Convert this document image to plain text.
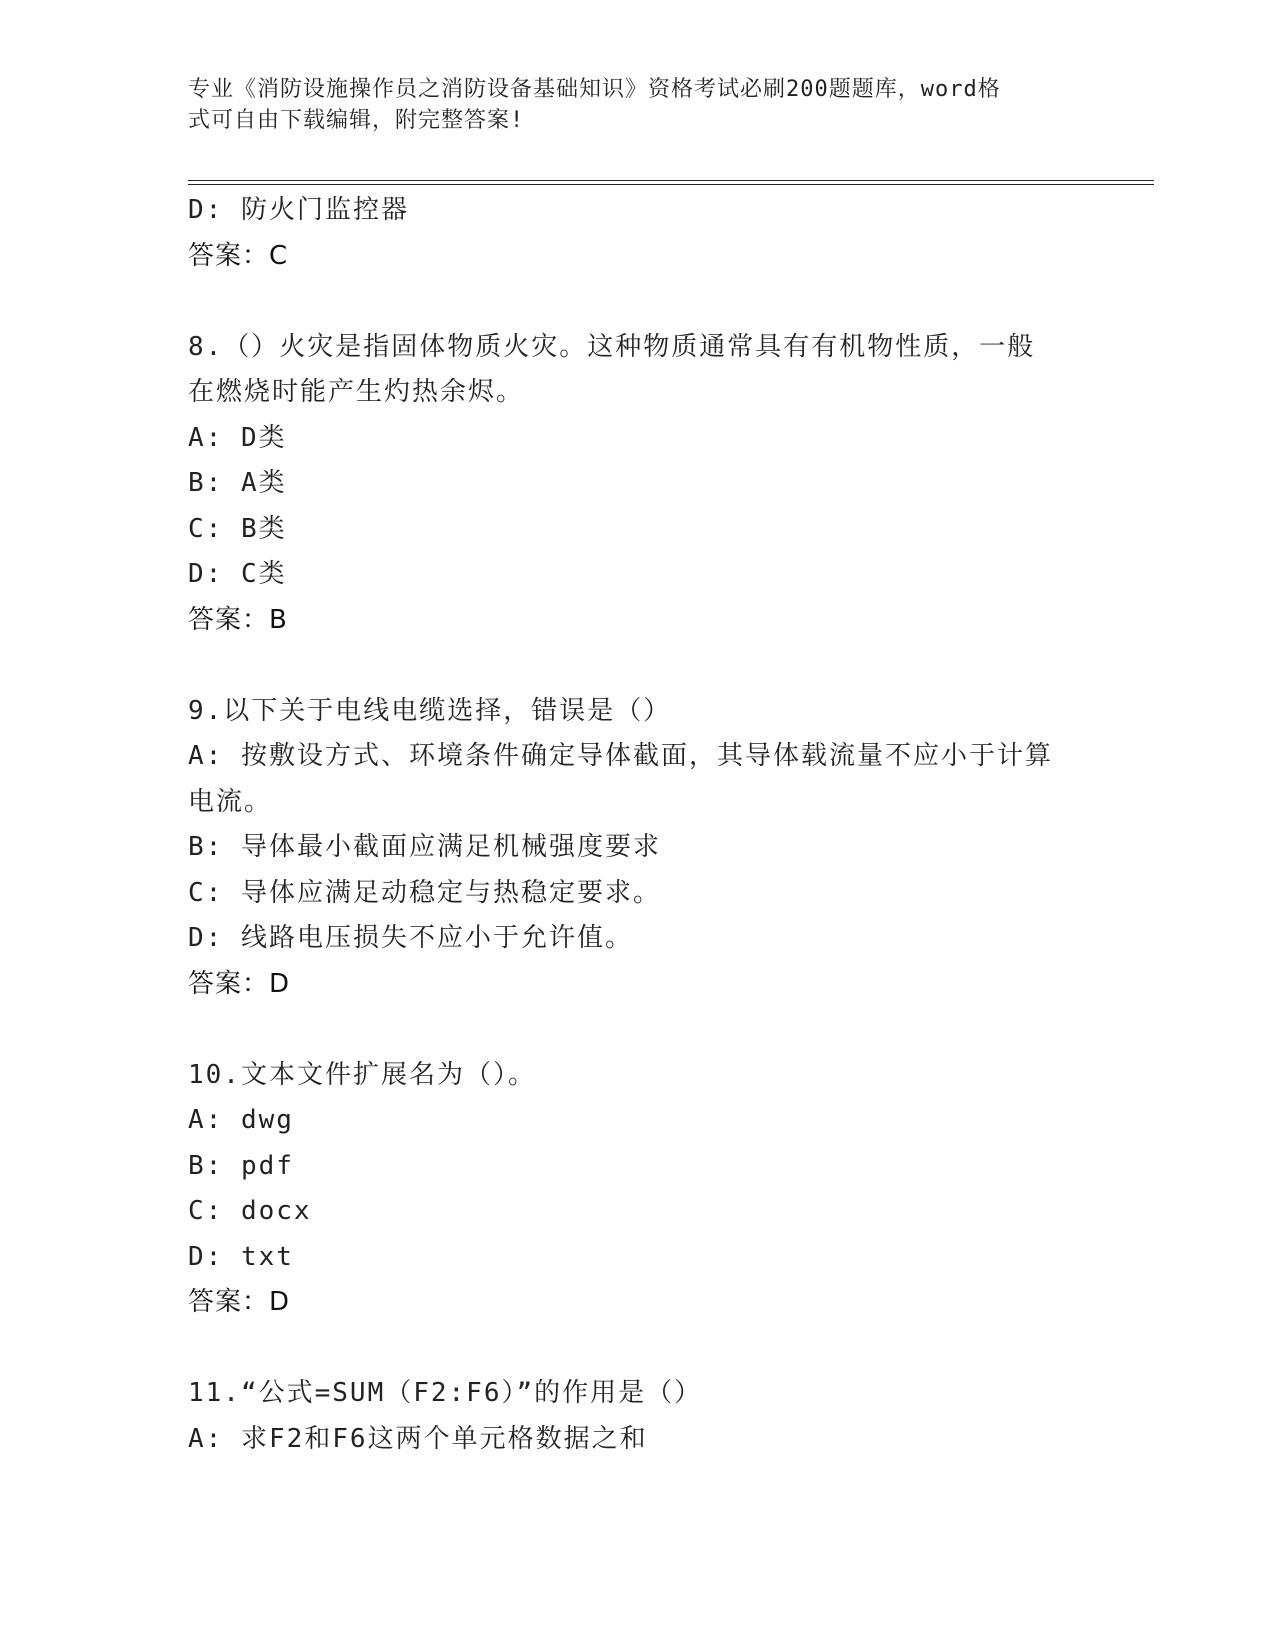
专业《消防设施操作员之消防设备基础知识》资格考试必刷200题题库，word格
式可自由下载编辑，附完整答案!
D: 防火门监控器
答案：C
8.（）火灾是指固体物质火灾。这种物质通常具有有机物性质，一般
在燃烧时能产生灼热余烬。
A: D类
B: A类
C: B类
D: C类
答案：B
9.以下关于电线电缆选择，错误是（）
A: 按敷设方式、环境条件确定导体截面，其导体载流量不应小于计算
电流。
B: 导体最小截面应满足机械强度要求
C: 导体应满足动稳定与热稳定要求。
D: 线路电压损失不应小于允许值。
答案：D
10.文本文件扩展名为（）。
A: dwg
B: pdf
C: docx
D: txt
答案：D
11.“公式=SUM（F2:F6）”的作用是（）
A: 求F2和F6这两个单元格数据之和
